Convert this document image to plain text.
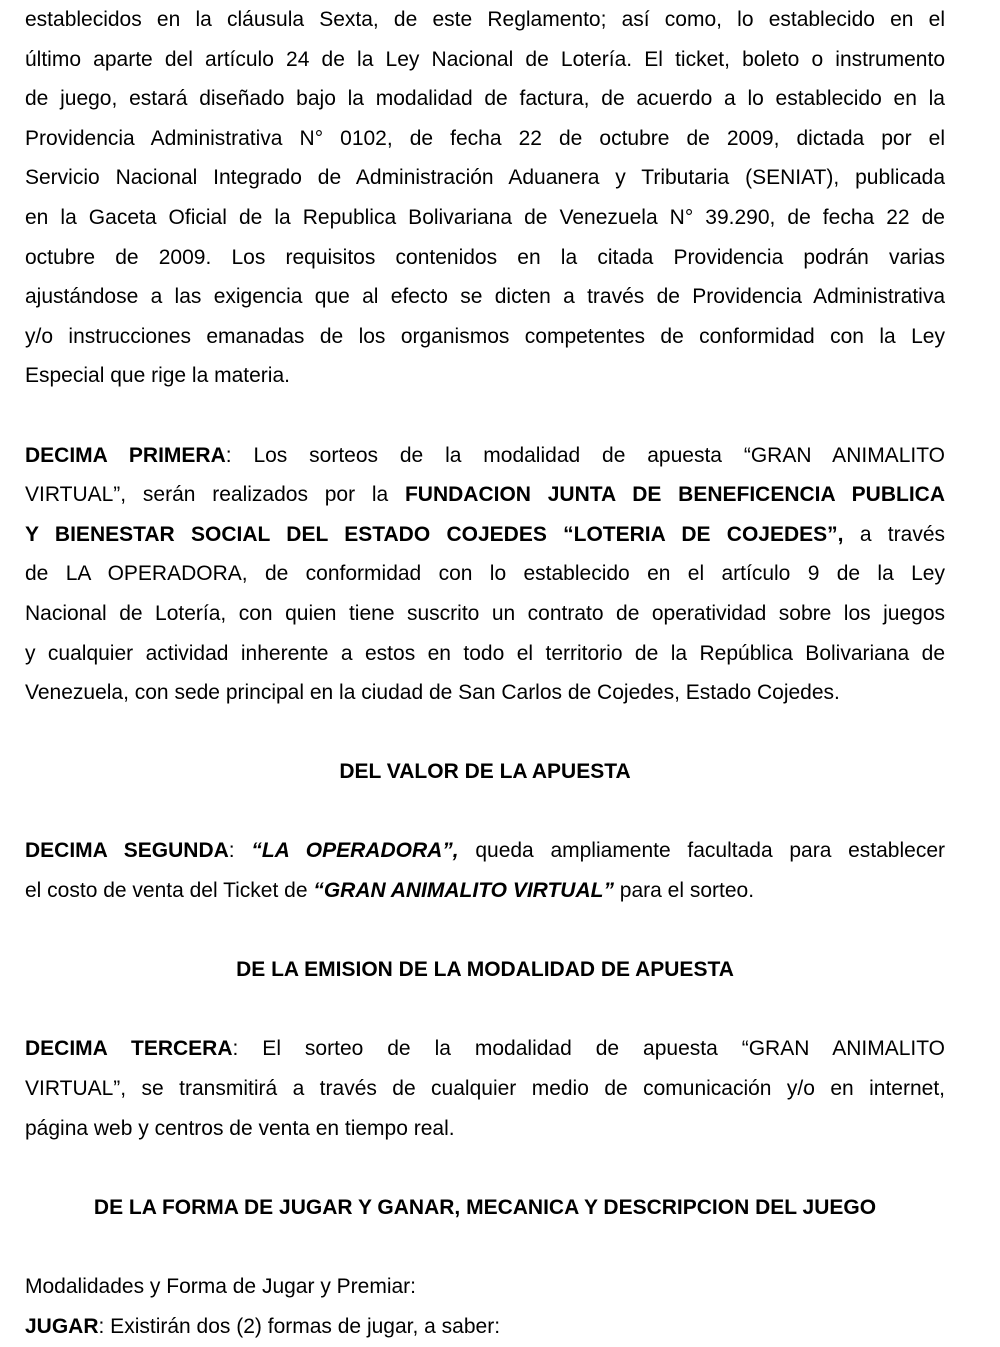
establecidos en la cláusula Sexta, de este Reglamento; así como, lo establecido en el
último aparte del artículo 24 de la Ley Nacional de Lotería. El ticket, boleto o instrumento
de juego, estará diseñado bajo la modalidad de factura, de acuerdo a lo establecido en la
Providencia Administrativa N° 0102, de fecha 22 de octubre de 2009, dictada por el
Servicio Nacional Integrado de Administración Aduanera y Tributaria (SENIAT), publicada
en la Gaceta Oficial de la Republica Bolivariana de Venezuela N° 39.290, de fecha 22 de
octubre de 2009. Los requisitos contenidos en la citada Providencia podrán varias
ajustándose a las exigencia que al efecto se dicten a través de Providencia Administrativa
y/o instrucciones emanadas de los organismos competentes de conformidad con la Ley
Especial que rige la materia.
DECIMA PRIMERA: Los sorteos de la modalidad de apuesta “GRAN ANIMALITO
VIRTUAL”, serán realizados por la FUNDACION JUNTA DE BENEFICENCIA PUBLICA
Y BIENESTAR SOCIAL DEL ESTADO COJEDES “LOTERIA DE COJEDES”, a través
de LA OPERADORA, de conformidad con lo establecido en el artículo 9 de la Ley
Nacional de Lotería, con quien tiene suscrito un contrato de operatividad sobre los juegos
y cualquier actividad inherente a estos en todo el territorio de la República Bolivariana de
Venezuela, con sede principal en la ciudad de San Carlos de Cojedes, Estado Cojedes.
DEL VALOR DE LA APUESTA
DECIMA SEGUNDA: “LA OPERADORA”, queda ampliamente facultada para establecer
el costo de venta del Ticket de “GRAN ANIMALITO VIRTUAL” para el sorteo.
DE LA EMISION DE LA MODALIDAD DE APUESTA
DECIMA TERCERA: El sorteo de la modalidad de apuesta “GRAN ANIMALITO
VIRTUAL”, se transmitirá a través de cualquier medio de comunicación y/o en internet,
página web y centros de venta en tiempo real.
DE LA FORMA DE JUGAR Y GANAR, MECANICA Y DESCRIPCION DEL JUEGO
Modalidades y Forma de Jugar y Premiar:
JUGAR: Existirán dos (2) formas de jugar, a saber:
